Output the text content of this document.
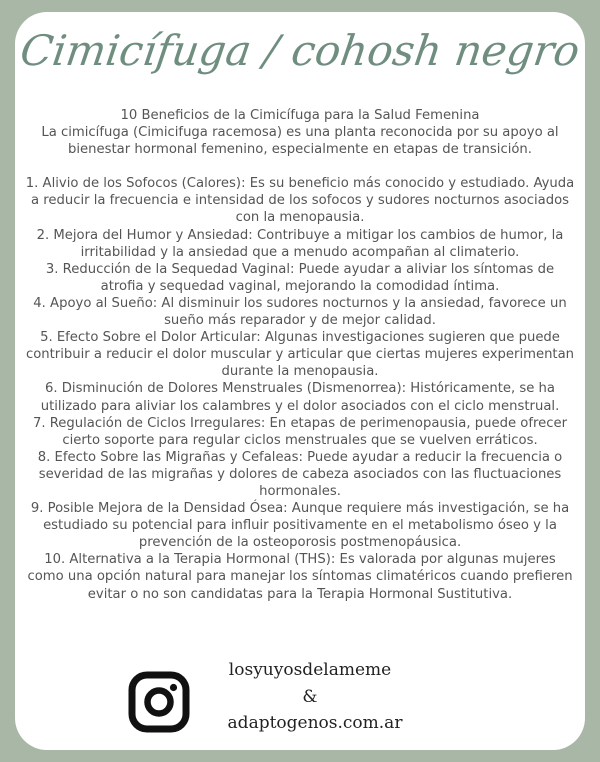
Cimicífuga / cohosh negro

10 Beneficios de la Cimicífuga para la Salud Femenina

La cimicífuga (Cimicifuga racemosa) es una planta reconocida por su apoyo al bienestar hormonal femenino, especialmente en etapas de transición.

1. Alivio de los Sofocos (Calores): Es su beneficio más conocido y estudiado. Ayuda a reducir la frecuencia e intensidad de los sofocos y sudores nocturnos asociados con la menopausia.

2. Mejora del Humor y Ansiedad: Contribuye a mitigar los cambios de humor, la irritabilidad y la ansiedad que a menudo acompañan al climaterio.

3. Reducción de la Sequedad Vaginal: Puede ayudar a aliviar los síntomas de atrofia y sequedad vaginal, mejorando la comodidad íntima.

4. Apoyo al Sueño: Al disminuir los sudores nocturnos y la ansiedad, favorece un sueño más reparador y de mejor calidad.

5. Efecto Sobre el Dolor Articular: Algunas investigaciones sugieren que puede contribuir a reducir el dolor muscular y articular que ciertas mujeres experimentan durante la menopausia.

6. Disminución de Dolores Menstruales (Dismenorrea): Históricamente, se ha utilizado para aliviar los calambres y el dolor asociados con el ciclo menstrual.

7. Regulación de Ciclos Irregulares: En etapas de perimenopausia, puede ofrecer cierto soporte para regular ciclos menstruales que se vuelven erráticos.

8. Efecto Sobre las Migrañas y Cefaleas: Puede ayudar a reducir la frecuencia o severidad de las migrañas y dolores de cabeza asociados con las fluctuaciones hormonales.

9. Posible Mejora de la Densidad Ósea: Aunque requiere más investigación, se ha estudiado su potencial para influir positivamente en el metabolismo óseo y la prevención de la osteoporosis postmenopáusica.

10. Alternativa a la Terapia Hormonal (THS): Es valorada por algunas mujeres como una opción natural para manejar los síntomas climatéricos cuando prefieren evitar o no son candidatas para la Terapia Hormonal Sustitutiva.

losyuyosdelameme
&
adaptogenos.com.ar
